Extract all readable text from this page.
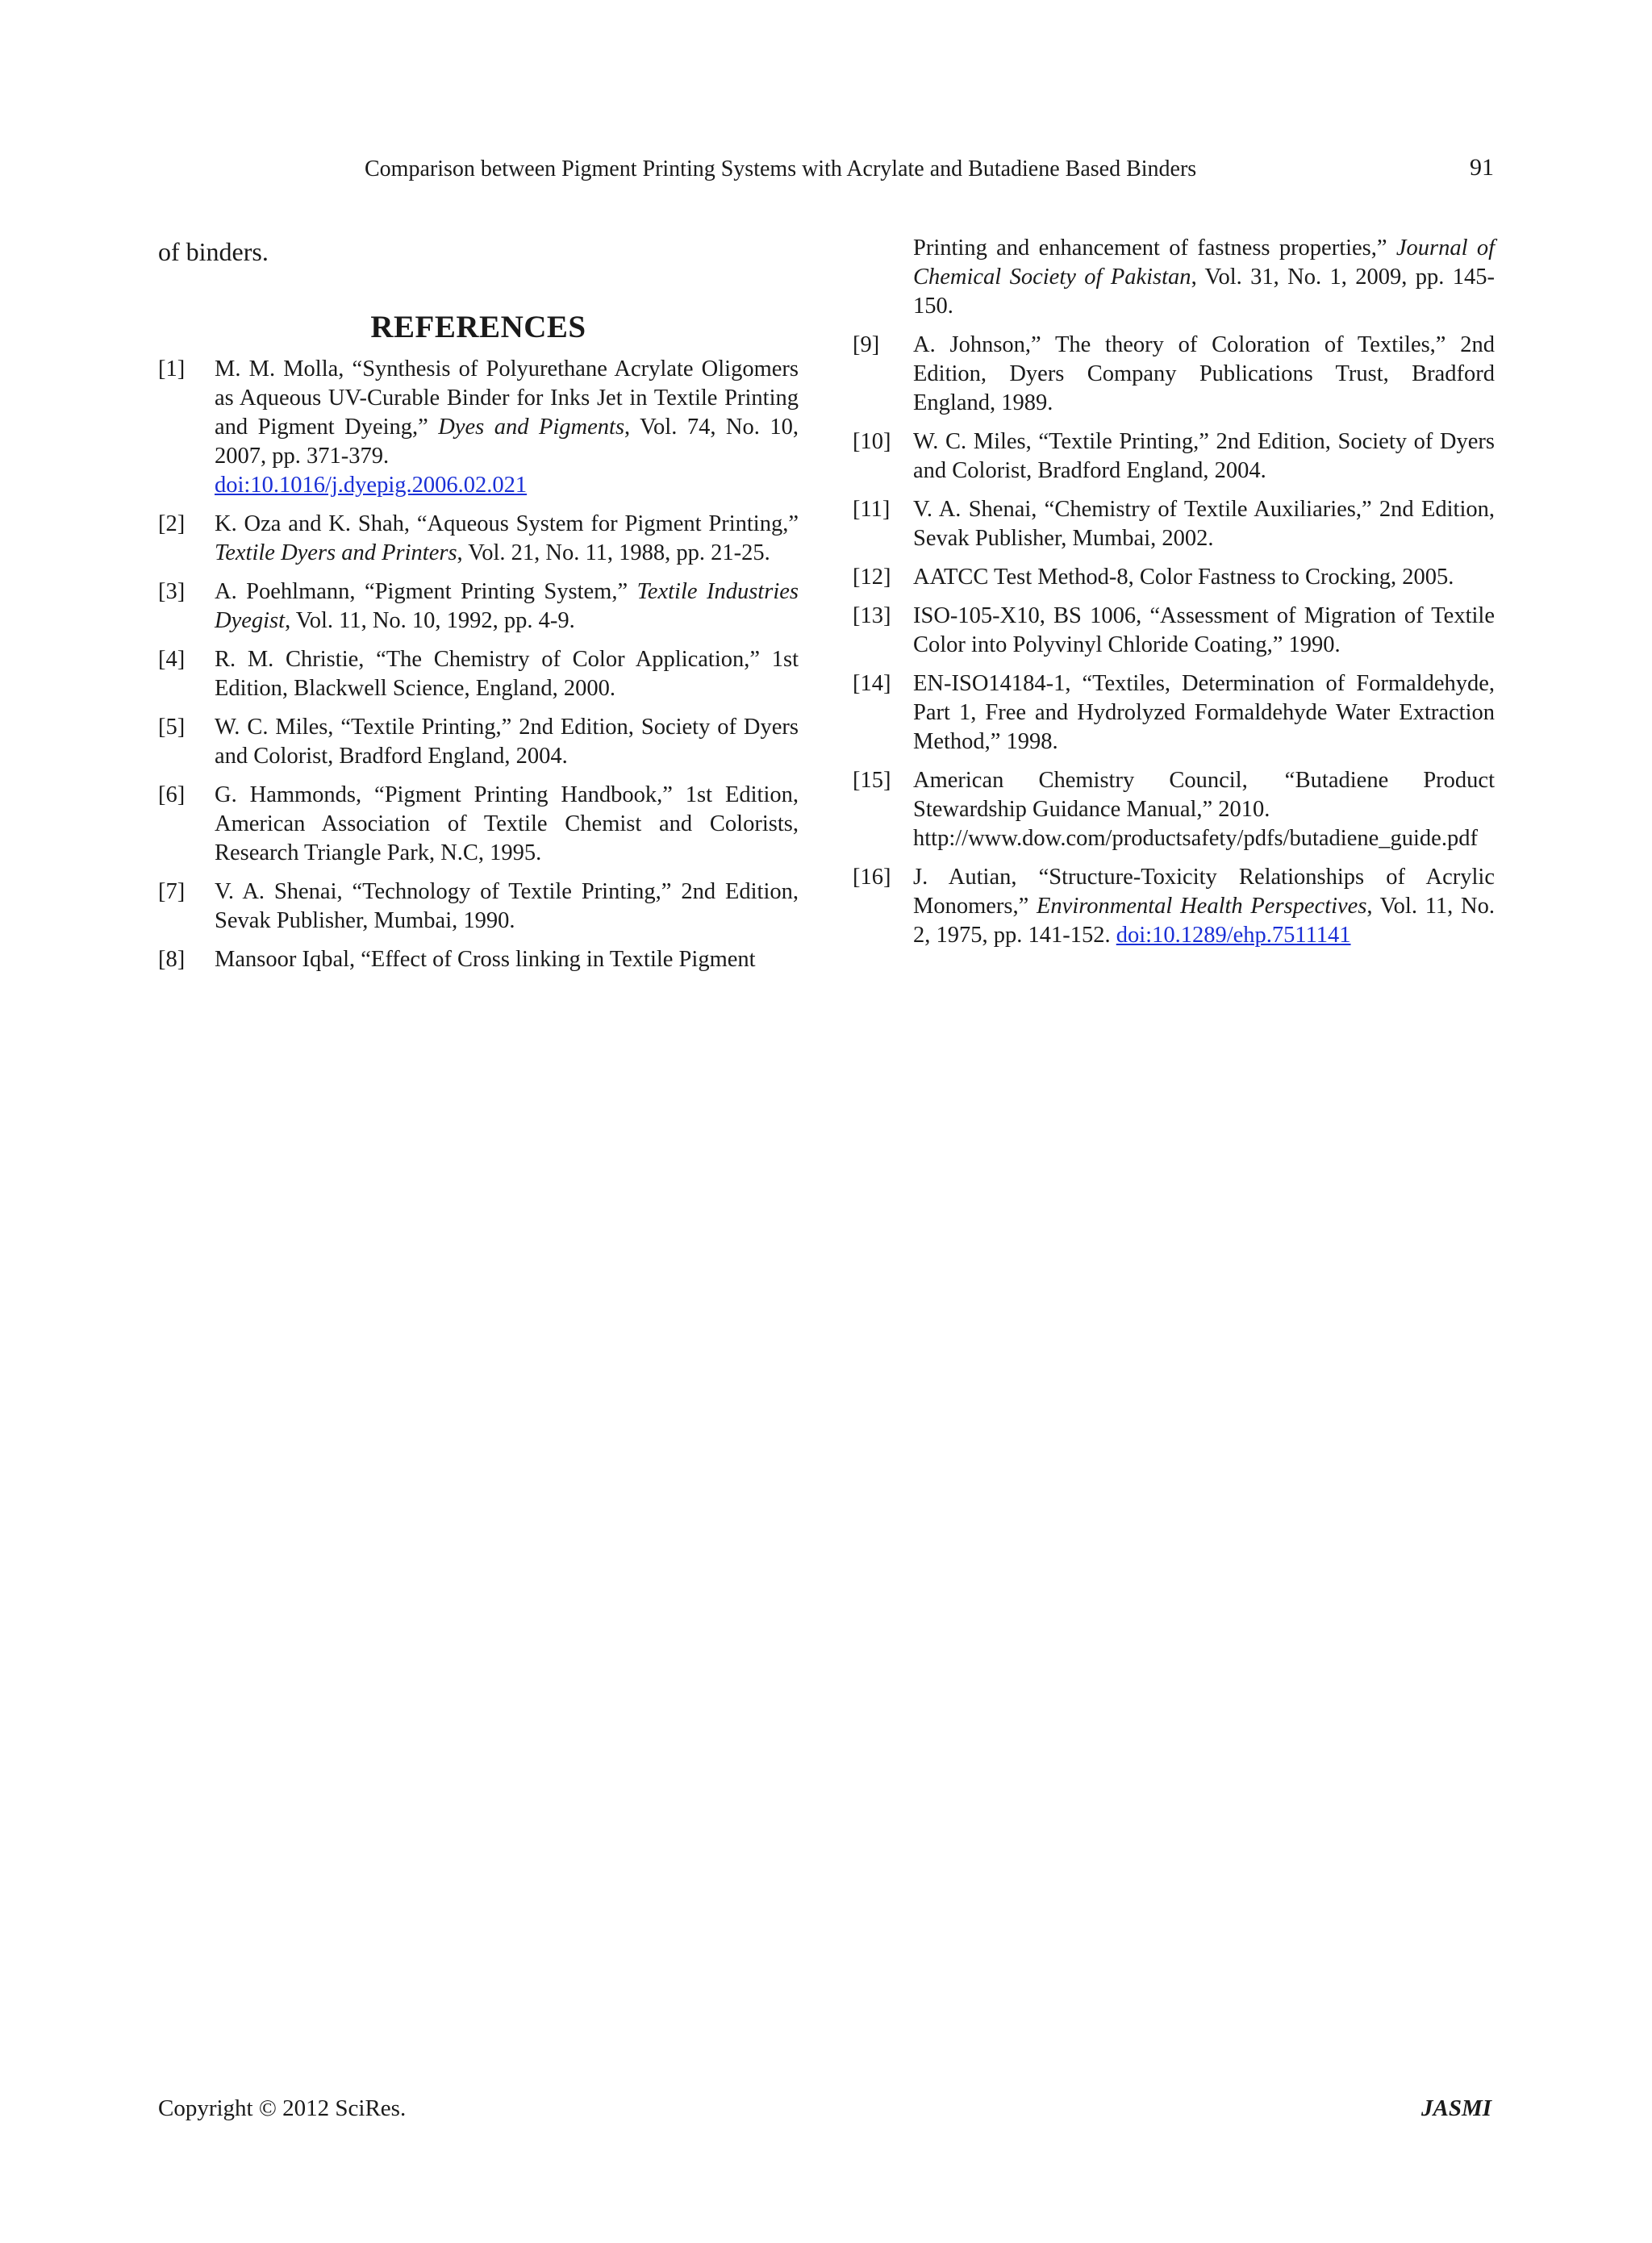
Comparison between Pigment Printing Systems with Acrylate and Butadiene Based Binders	91

of binders.

REFERENCES
[1] M. M. Molla, “Synthesis of Polyurethane Acrylate Oligomers as Aqueous UV-Curable Binder for Inks Jet in Textile Printing and Pigment Dyeing,” Dyes and Pigments, Vol. 74, No. 10, 2007, pp. 371-379.
doi:10.1016/j.dyepig.2006.02.021
[2] K. Oza and K. Shah, “Aqueous System for Pigment Printing,” Textile Dyers and Printers, Vol. 21, No. 11, 1988, pp. 21-25.
[3] A. Poehlmann, “Pigment Printing System,” Textile Industries Dyegist, Vol. 11, No. 10, 1992, pp. 4-9.
[4] R. M. Christie, “The Chemistry of Color Application,” 1st Edition, Blackwell Science, England, 2000.
[5] W. C. Miles, “Textile Printing,” 2nd Edition, Society of Dyers and Colorist, Bradford England, 2004.
[6] G. Hammonds, “Pigment Printing Handbook,” 1st Edition, American Association of Textile Chemist and Colorists, Research Triangle Park, N.C, 1995.
[7] V. A. Shenai, “Technology of Textile Printing,” 2nd Edition, Sevak Publisher, Mumbai, 1990.
[8] Mansoor Iqbal, “Effect of Cross linking in Textile Pigment
Printing and enhancement of fastness properties,” Journal of Chemical Society of Pakistan, Vol. 31, No. 1, 2009, pp. 145-150.
[9] A. Johnson,” The theory of Coloration of Textiles,” 2nd Edition, Dyers Company Publications Trust, Bradford England, 1989.
[10] W. C. Miles, “Textile Printing,” 2nd Edition, Society of Dyers and Colorist, Bradford England, 2004.
[11] V. A. Shenai, “Chemistry of Textile Auxiliaries,” 2nd Edition, Sevak Publisher, Mumbai, 2002.
[12] AATCC Test Method-8, Color Fastness to Crocking, 2005.
[13] ISO-105-X10, BS 1006, “Assessment of Migration of Textile Color into Polyvinyl Chloride Coating,” 1990.
[14] EN-ISO14184-1, “Textiles, Determination of Formaldehyde, Part 1, Free and Hydrolyzed Formaldehyde Water Extraction Method,” 1998.
[15] American Chemistry Council, “Butadiene Product Stewardship Guidance Manual,” 2010.
http://www.dow.com/productsafety/pdfs/butadiene_guide.pdf
[16] J. Autian, “Structure-Toxicity Relationships of Acrylic Monomers,” Environmental Health Perspectives, Vol. 11, No. 2, 1975, pp. 141-152. doi:10.1289/ehp.7511141
Copyright © 2012 SciRes.	JASMI
